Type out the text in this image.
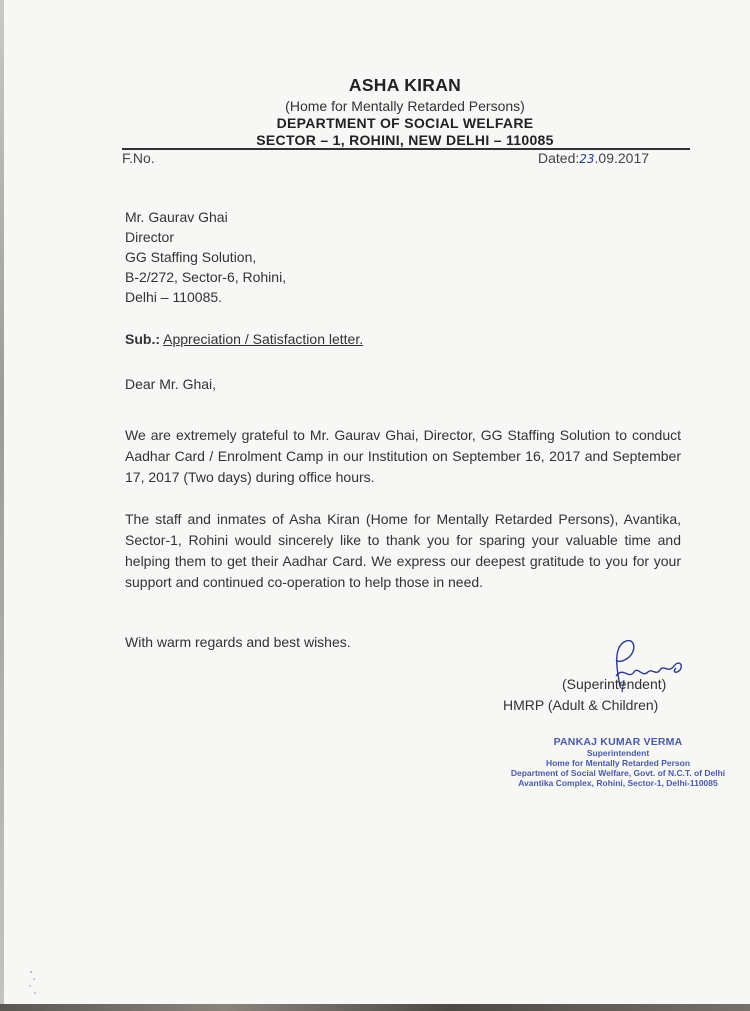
ASHA KIRAN
(Home for Mentally Retarded Persons)
DEPARTMENT OF SOCIAL WELFARE
SECTOR – 1, ROHINI, NEW DELHI – 110085
F.No.	Dated:23.09.2017
Mr. Gaurav Ghai
Director
GG Staffing Solution,
B-2/272, Sector-6, Rohini,
Delhi – 110085.
Sub.: Appreciation / Satisfaction letter.
Dear Mr. Ghai,
We are extremely grateful to Mr. Gaurav Ghai, Director, GG Staffing Solution to conduct Aadhar Card / Enrolment Camp in our Institution on September 16, 2017 and September 17, 2017 (Two days) during office hours.
The staff and inmates of Asha Kiran (Home for Mentally Retarded Persons), Avantika, Sector-1, Rohini would sincerely like to thank you for sparing your valuable time and helping them to get their Aadhar Card. We express our deepest gratitude to you for your support and continued co-operation to help those in need.
With warm regards and best wishes.
(Superintendent)
HMRP (Adult & Children)
PANKAJ KUMAR VERMA
Superintendent
Home for Mentally Retarded Person
Department of Social Welfare, Govt. of N.C.T. of Delhi
Avantika Complex, Rohini, Sector-1, Delhi-110085
